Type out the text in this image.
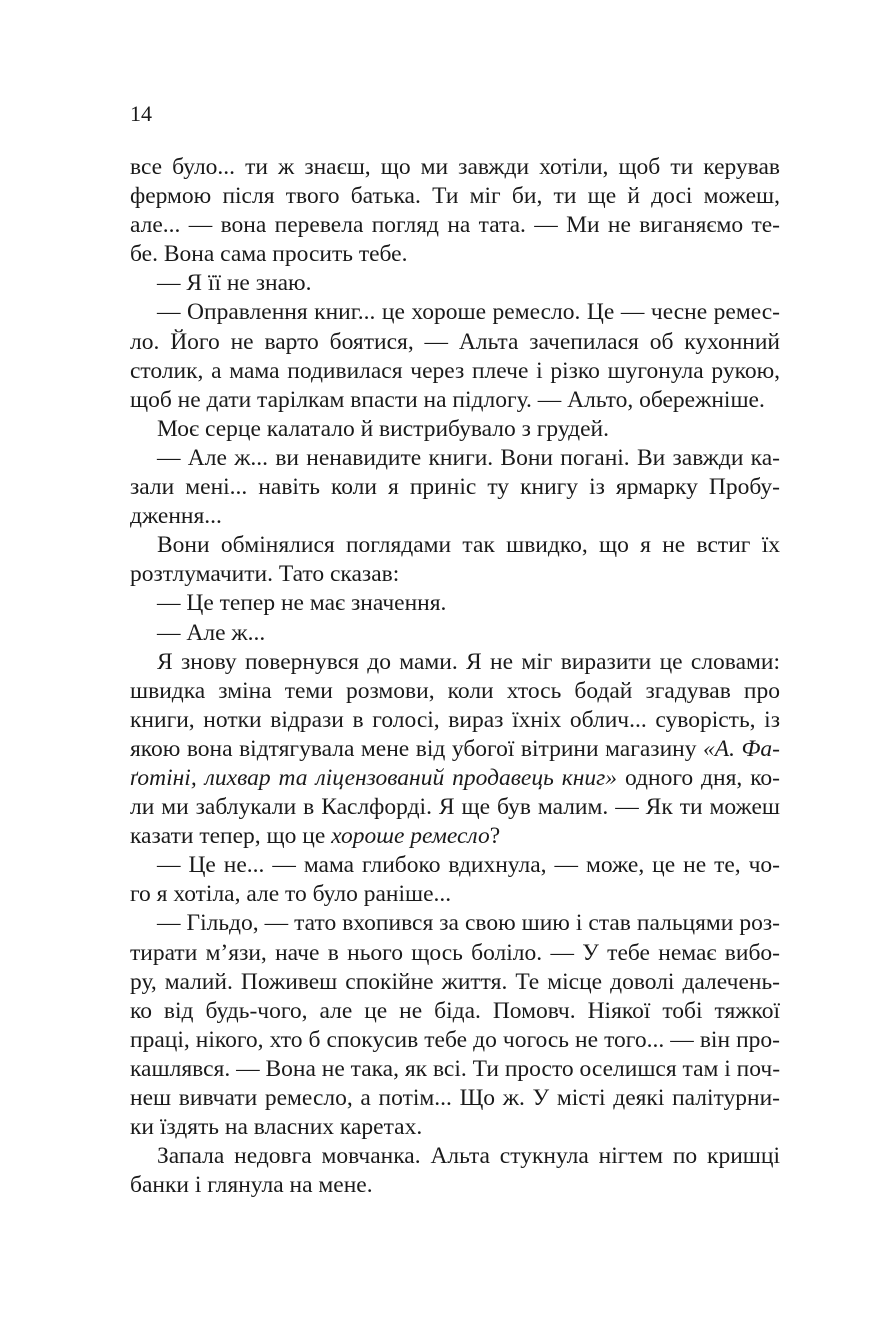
14
все було... ти ж знаєш, що ми завжди хотіли, щоб ти керував
фермою після твого батька. Ти міг би, ти ще й досі можеш,
але... — вона перевела погляд на тата. — Ми не виганяємо те-
бе. Вона сама просить тебе.
— Я її не знаю.
— Оправлення книг... це хороше ремесло. Це — чесне ремес-
ло. Його не варто боятися, — Альта зачепилася об кухонний
столик, а мама подивилася через плече і різко шугонула рукою,
щоб не дати тарілкам впасти на підлогу. — Альто, обережніше.
Моє серце калатало й вистрибувало з грудей.
— Але ж... ви ненавидите книги. Вони погані. Ви завжди ка-
зали мені... навіть коли я приніс ту книгу із ярмарку Пробу-
дження...
Вони обмінялися поглядами так швидко, що я не встиг їх
розтлумачити. Тато сказав:
— Це тепер не має значення.
— Але ж...
Я знову повернувся до мами. Я не міг виразити це словами:
швидка зміна теми розмови, коли хтось бодай згадував про
книги, нотки відрази в голосі, вираз їхніх облич... суворість, із
якою вона відтягувала мене від убогої вітрини магазину «А. Фа-
ґотіні, лихвар та ліцензований продавець книг» одного дня, ко-
ли ми заблукали в Каслфорді. Я ще був малим. — Як ти можеш
казати тепер, що це хороше ремесло?
— Це не... — мама глибоко вдихнула, — може, це не те, чо-
го я хотіла, але то було раніше...
— Гільдо, — тато вхопився за свою шию і став пальцями роз-
тирати м’язи, наче в нього щось боліло. — У тебе немає вибо-
ру, малий. Поживеш спокійне життя. Те місце доволі далечень-
ко від будь-чого, але це не біда. Помовч. Ніякої тобі тяжкої
праці, нікого, хто б спокусив тебе до чогось не того... — він про-
кашлявся. — Вона не така, як всі. Ти просто оселишся там і поч-
неш вивчати ремесло, а потім... Що ж. У місті деякі палітурни-
ки їздять на власних каретах.
Запала недовга мовчанка. Альта стукнула нігтем по кришці
банки і глянула на мене.
